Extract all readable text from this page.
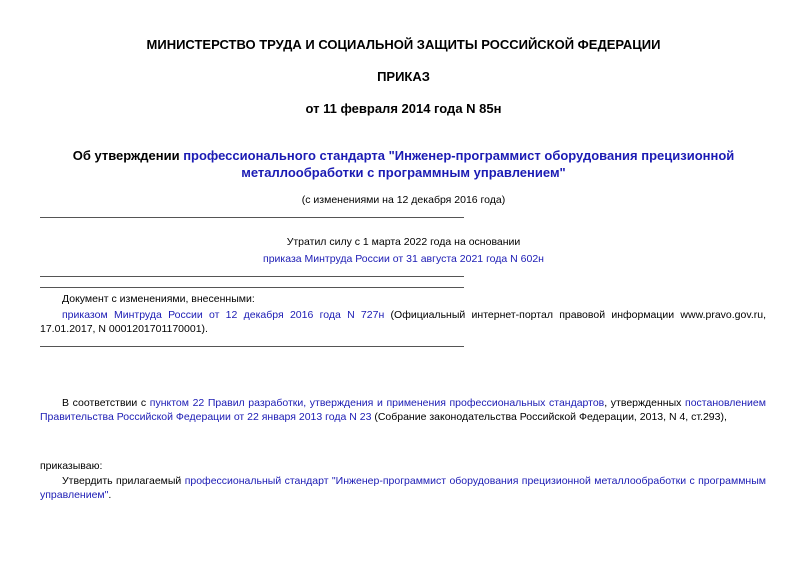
МИНИСТЕРСТВО ТРУДА И СОЦИАЛЬНОЙ ЗАЩИТЫ РОССИЙСКОЙ ФЕДЕРАЦИИ
ПРИКАЗ
от 11 февраля 2014 года N 85н
Об утверждении профессионального стандарта "Инженер-программист оборудования прецизионной
металлообработки с программным управлением"
(с изменениями на 12 декабря 2016 года)
Утратил силу с 1 марта 2022 года на основании
приказа Минтруда России от 31 августа 2021 года N 602н
Документ с изменениями, внесенными:
приказом Минтруда России от 12 декабря 2016 года N 727н (Официальный интернет-портал правовой информации www.pravo.gov.ru, 17.01.2017, N 0001201701170001).
В соответствии с пунктом 22 Правил разработки, утверждения и применения профессиональных стандартов, утвержденных постановлением Правительства Российской Федерации от 22 января 2013 года N 23 (Собрание законодательства Российской Федерации, 2013, N 4, ст.293),
приказываю:
Утвердить прилагаемый профессиональный стандарт "Инженер-программист оборудования прецизионной металлообработки с программным управлением".
